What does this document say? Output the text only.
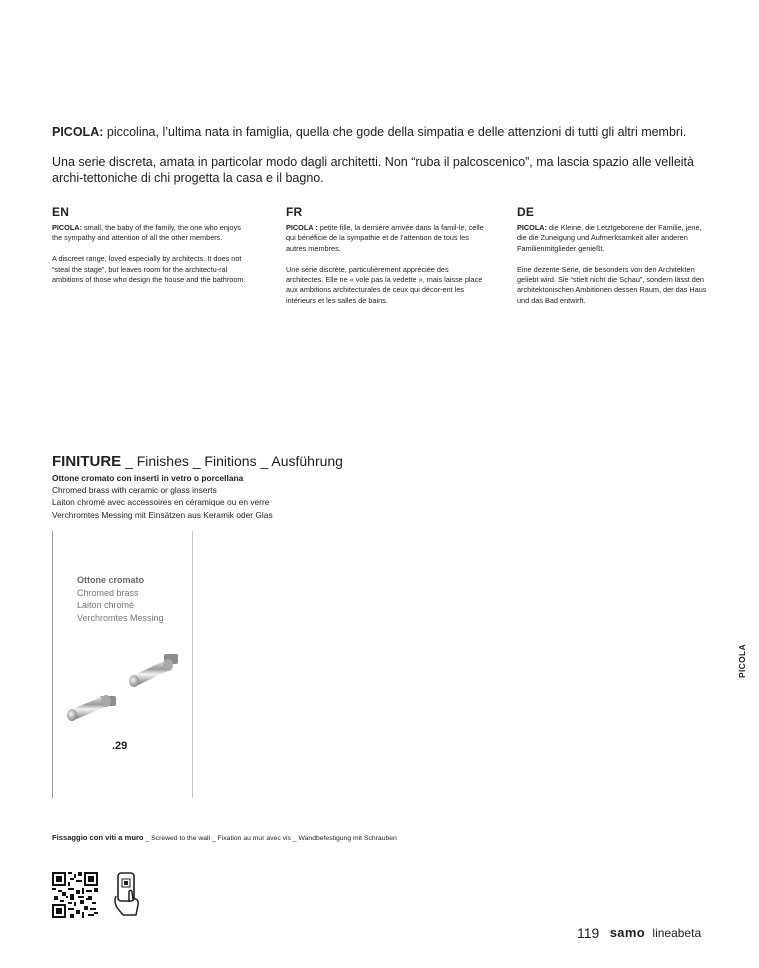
PICOLA: piccolina, l’ultima nata in famiglia, quella che gode della simpatia e delle attenzioni di tutti gli altri membri.
Una serie discreta, amata in particolar modo dagli architetti. Non “ruba il palcoscenico”, ma lascia spazio alle velleità archi-tettoniche di chi progetta la casa e il bagno.
EN

PICOLA: small, the baby of the family, the one who enjoys the sympathy and attention of all the other members.

A discreet range, loved especially by architects. It does not “steal the stage”, but leaves room for the architectu-ral ambitions of those who design the house and the bathroom.

FR

PICOLA : petite fille, la dernière arrivée dans la famil-le, celle qui bénéficie de la sympathie et de l’attention de tous les autres membres.

Une série discrète, particulièrement appréciée des architectes. Elle ne « vole pas la vedette », mais laisse place aux ambitions architecturales de ceux qui décor-ent les intérieurs et les salles de bains.

DE

PICOLA: die Kleine, die Letztgeborene der Familie, jene, die die Zuneigung und Aufmerksamkeit aller anderen Familienmitglieder genießt.

Eine dezente Serie, die besonders von den Architekten geliebt wird. Sie “stielt nicht die Schau”, sondern lässt den architektonischen Ambitionen dessen Raum, der das Haus und das Bad entwirft.

FINITURE _ Finishes _ Finitions _ Ausführung
Ottone cromato con inserti in vetro o porcellana
Chromed brass with ceramic or glass inserts
Laiton chromé avec accessoires en céramique ou en verre
Verchromtes Messing mit Einsätzen aus Keramik oder Glas
Ottone cromato
Chromed brass
Laiton chromé
Verchromtes Messing
.29
PICOLA
Fissaggio con viti a muro _ Screwed to the wall _ Fixation au mur avec vis _ Wandbefestigung mit Schrauben
119 samo lineabeta
